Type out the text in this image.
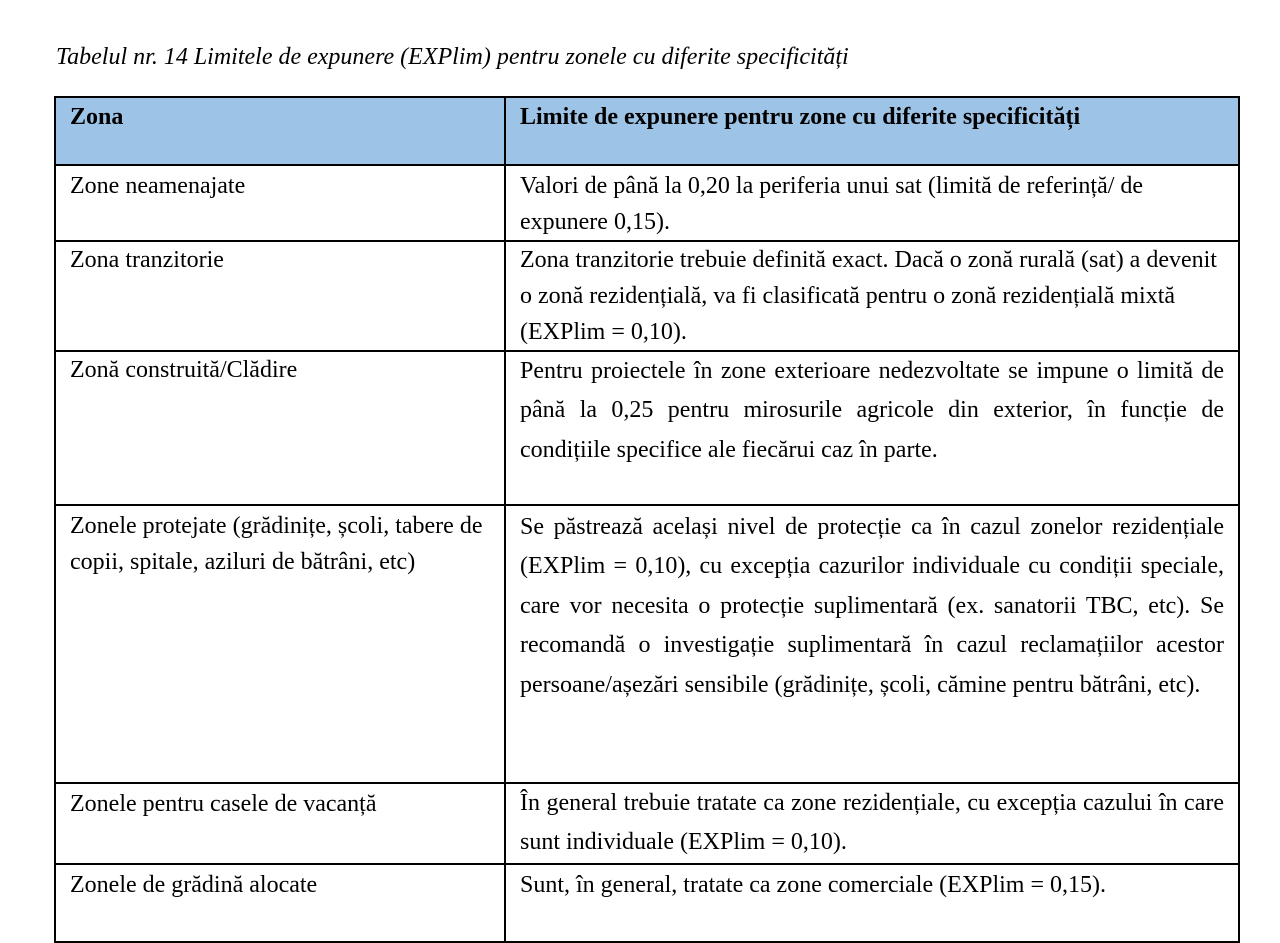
Tabelul nr. 14 Limitele de expunere (EXPlim) pentru zonele cu diferite specificități
Zona	Limite de expunere pentru zone cu diferite specificități
Zone neamenajate	Valori de până la 0,20 la periferia unui sat (limită de referință/ de expunere 0,15).
Zona tranzitorie	Zona tranzitorie trebuie definită exact. Dacă o zonă rurală (sat) a devenit o zonă rezidențială, va fi clasificată pentru o zonă rezidențială mixtă (EXPlim = 0,10).
Zonă construită/Clădire	Pentru proiectele în zone exterioare nedezvoltate se impune o limită de până la 0,25 pentru mirosurile agricole din exterior, în funcție de condițiile specifice ale fiecărui caz în parte.
Zonele protejate (grădinițe, școli, tabere de copii, spitale, aziluri de bătrâni, etc)	Se păstrează același nivel de protecție ca în cazul zonelor rezidențiale (EXPlim = 0,10), cu excepția cazurilor individuale cu condiții speciale, care vor necesita o protecție suplimentară (ex. sanatorii TBC, etc). Se recomandă o investigație suplimentară în cazul reclamațiilor acestor persoane/așezări sensibile (grădinițe, școli, cămine pentru bătrâni, etc).
Zonele pentru casele de vacanță	În general trebuie tratate ca zone rezidențiale, cu excepția cazului în care sunt individuale (EXPlim = 0,10).
Zonele de grădină alocate	Sunt, în general, tratate ca zone comerciale (EXPlim = 0,15).
